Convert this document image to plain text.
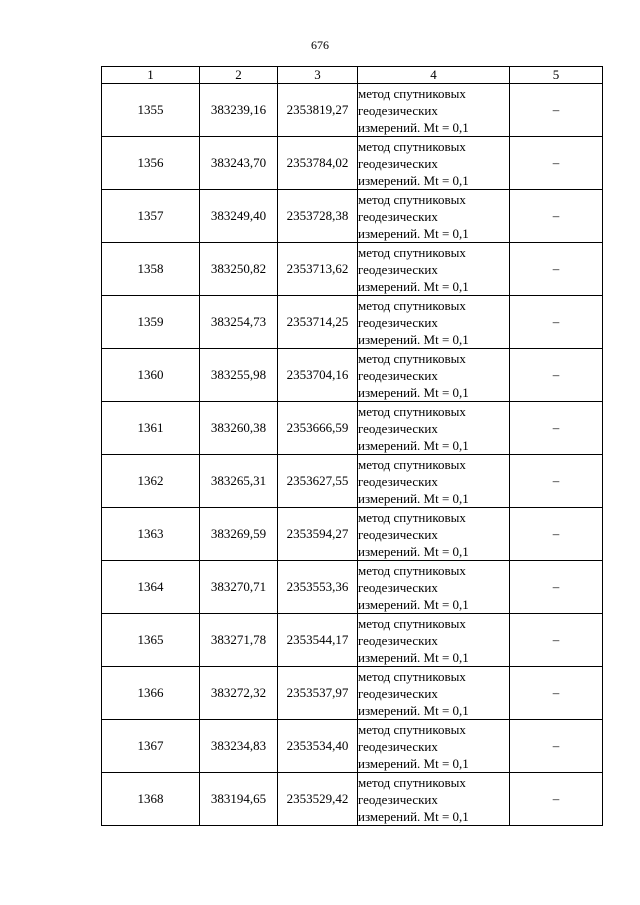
676
1	2	3	4	5
1355	383239,16	2353819,27	метод спутниковых
геодезических
измерений. Mt = 0,1	–
1356	383243,70	2353784,02	метод спутниковых
геодезических
измерений. Mt = 0,1	–
1357	383249,40	2353728,38	метод спутниковых
геодезических
измерений. Mt = 0,1	–
1358	383250,82	2353713,62	метод спутниковых
геодезических
измерений. Mt = 0,1	–
1359	383254,73	2353714,25	метод спутниковых
геодезических
измерений. Mt = 0,1	–
1360	383255,98	2353704,16	метод спутниковых
геодезических
измерений. Mt = 0,1	–
1361	383260,38	2353666,59	метод спутниковых
геодезических
измерений. Mt = 0,1	–
1362	383265,31	2353627,55	метод спутниковых
геодезических
измерений. Mt = 0,1	–
1363	383269,59	2353594,27	метод спутниковых
геодезических
измерений. Mt = 0,1	–
1364	383270,71	2353553,36	метод спутниковых
геодезических
измерений. Mt = 0,1	–
1365	383271,78	2353544,17	метод спутниковых
геодезических
измерений. Mt = 0,1	–
1366	383272,32	2353537,97	метод спутниковых
геодезических
измерений. Mt = 0,1	–
1367	383234,83	2353534,40	метод спутниковых
геодезических
измерений. Mt = 0,1	–
1368	383194,65	2353529,42	метод спутниковых
геодезических
измерений. Mt = 0,1	–
